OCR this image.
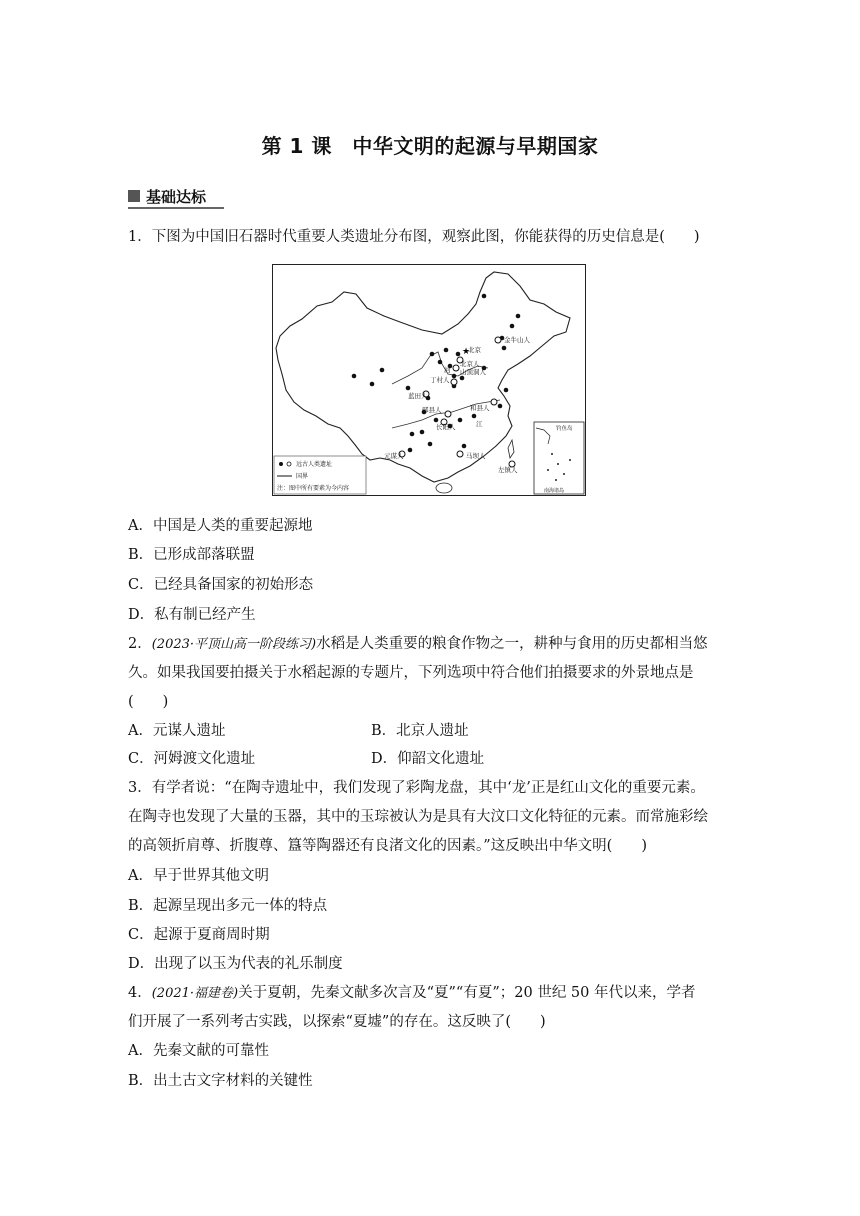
第 1 课　中华文明的起源与早期国家
基础达标
1．下图为中国旧石器时代重要人类遗址分布图，观察此图，你能获得的历史信息是(　　)
★
金牛山人
北京
北京人
山顶洞人
丁村人
蓝田人
和县人
郧县人
长阳人
元谋人	马坝人
左镇人
河
江
钓鱼岛
南海诸岛
远古人类遗址
国界
注：图中所有要素为今内容
A．中国是人类的重要起源地
B．已形成部落联盟
C．已经具备国家的初始形态
D．私有制已经产生
2．(2023·平顶山高一阶段练习)水稻是人类重要的粮食作物之一，耕种与食用的历史都相当悠
久。如果我国要拍摄关于水稻起源的专题片，下列选项中符合他们拍摄要求的外景地点是
(　　)
A．元谋人遗址	B．北京人遗址
C．河姆渡文化遗址	D．仰韶文化遗址
3．有学者说：“在陶寺遗址中，我们发现了彩陶龙盘，其中‘龙’正是红山文化的重要元素。
在陶寺也发现了大量的玉器，其中的玉琮被认为是具有大汶口文化特征的元素。而常施彩绘
的高领折肩尊、折腹尊、簋等陶器还有良渚文化的因素。”这反映出中华文明(　　)
A．早于世界其他文明
B．起源呈现出多元一体的特点
C．起源于夏商周时期
D．出现了以玉为代表的礼乐制度
4．(2021·福建卷)关于夏朝，先秦文献多次言及“夏”“有夏”；20 世纪 50 年代以来，学者
们开展了一系列考古实践，以探索“夏墟”的存在。这反映了(　　)
A．先秦文献的可靠性
B．出土古文字材料的关键性
